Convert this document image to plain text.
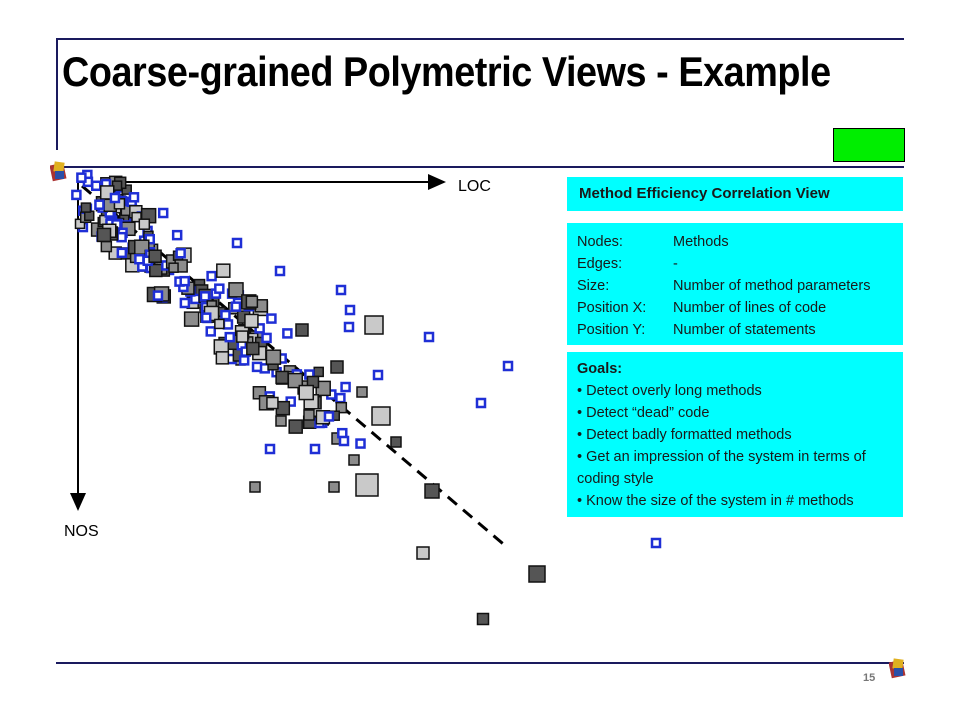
Coarse-grained Polymetric Views - Example
LOC
NOS
Method Efficiency Correlation View
Nodes:	Methods
Edges:	-
Size:	Number of method parameters
Position X:	Number of lines of code
Position Y:	Number of statements
Goals:
• Detect overly long methods
• Detect “dead” code
• Detect badly formatted methods
• Get an impression of the system in terms of coding style
• Know the size of the system in # methods
15
